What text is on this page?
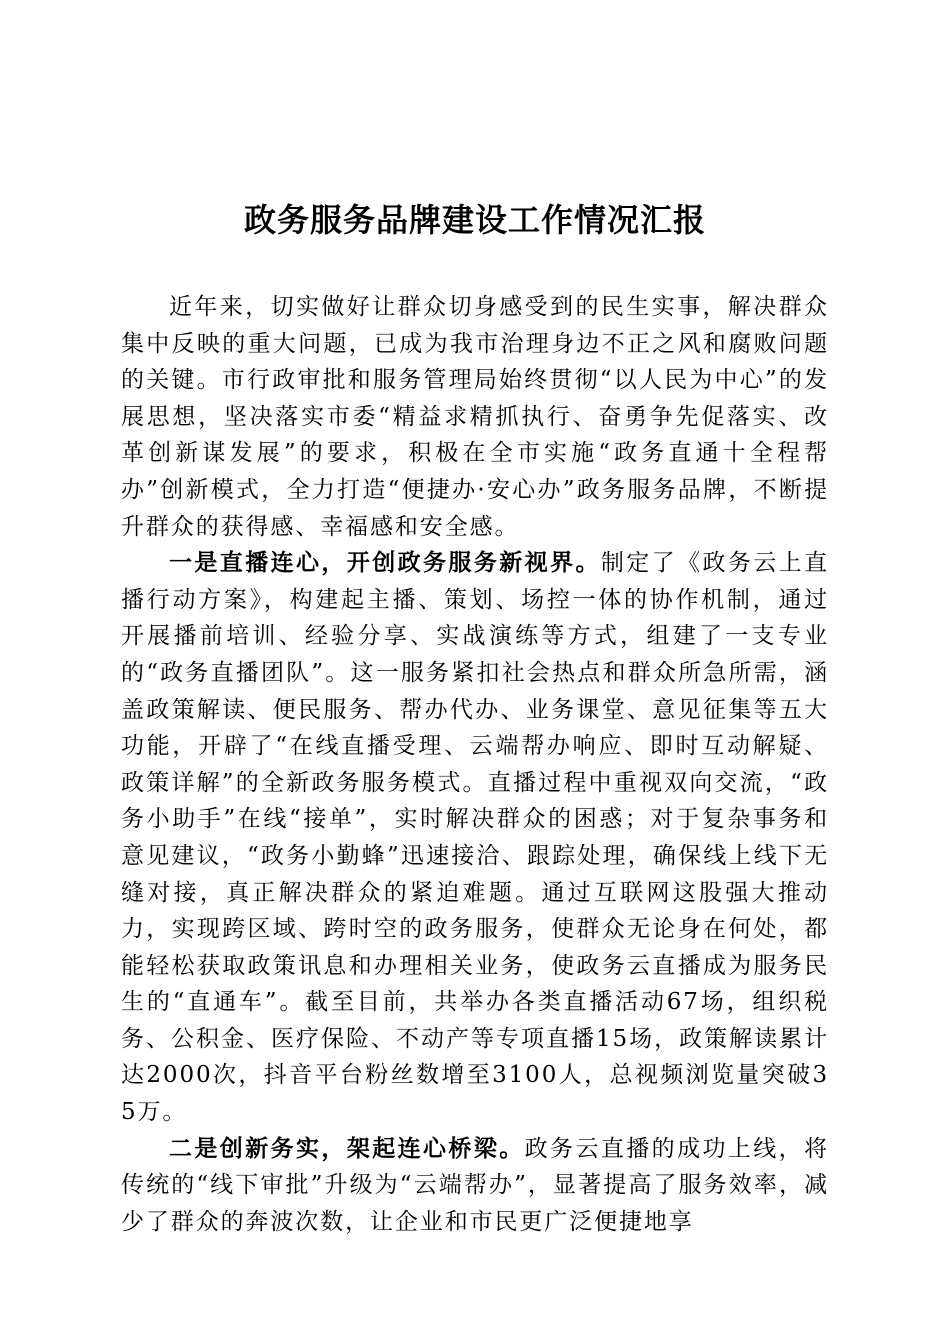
政务服务品牌建设工作情况汇报

近年来，切实做好让群众切身感受到的民生实事，解决群众集中反映的重大问题，已成为我市治理身边不正之风和腐败问题的关键。市行政审批和服务管理局始终贯彻“以人民为中心”的发展思想，坚决落实市委“精益求精抓执行、奋勇争先促落实、改革创新谋发展”的要求，积极在全市实施“政务直通十全程帮办”创新模式，全力打造“便捷办·安心办”政务服务品牌，不断提升群众的获得感、幸福感和安全感。

一是直播连心，开创政务服务新视界。制定了《政务云上直播行动方案》，构建起主播、策划、场控一体的协作机制，通过开展播前培训、经验分享、实战演练等方式，组建了一支专业的“政务直播团队”。这一服务紧扣社会热点和群众所急所需，涵盖政策解读、便民服务、帮办代办、业务课堂、意见征集等五大功能，开辟了“在线直播受理、云端帮办响应、即时互动解疑、政策详解”的全新政务服务模式。直播过程中重视双向交流，“政务小助手”在线“接单”，实时解决群众的困惑；对于复杂事务和意见建议，“政务小勤蜂”迅速接洽、跟踪处理，确保线上线下无缝对接，真正解决群众的紧迫难题。通过互联网这股强大推动力，实现跨区域、跨时空的政务服务，使群众无论身在何处，都能轻松获取政策讯息和办理相关业务，使政务云直播成为服务民生的“直通车”。截至目前，共举办各类直播活动67场，组织税务、公积金、医疗保险、不动产等专项直播15场，政策解读累计达2000次，抖音平台粉丝数增至3100人，总视频浏览量突破35万。

二是创新务实，架起连心桥梁。政务云直播的成功上线，将传统的“线下审批”升级为“云端帮办”，显著提高了服务效率，减少了群众的奔波次数，让企业和市民更广泛便捷地享
